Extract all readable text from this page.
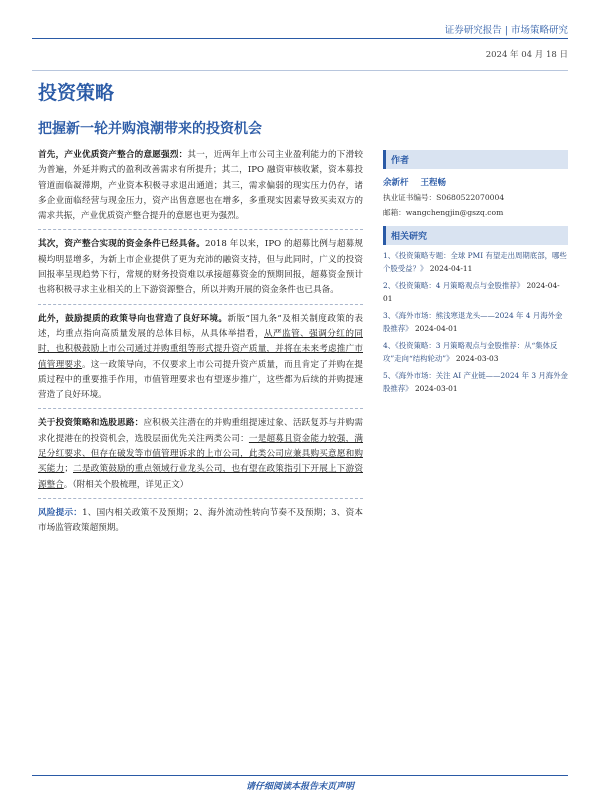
证券研究报告 | 市场策略研究
2024 年 04 月 18 日
投资策略
把握新一轮并购浪潮带来的投资机会

首先，产业优质资产整合的意愿强烈：其一，近两年上市公司主业盈利能力的下滑较为普遍，外延并购式的盈利改善需求有所提升；其二，IPO 融资审核收紧，资本募投管道面临凝滞期，产业资本积极寻求退出通道；其三，需求偏弱的现实压力仍存，诸多企业面临经营与现金压力，资产出售意愿也在增多，多重现实因素导致买卖双方的需求共振，产业优质资产整合提升的意愿也更为强烈。

其次，资产整合实现的资金条件已经具备。2018 年以来，IPO 的超募比例与超募规模均明显增多，为新上市企业提供了更为充沛的融资支持，但与此同时，广义的投资回报率呈现趋势下行，常规的财务投资难以承接超募资金的预期回报，超募资金预计也将积极寻求主业相关的上下游资源整合，所以并购开展的资金条件也已具备。

此外，鼓励提质的政策导向也营造了良好环境。新版“国九条”及相关制度政策的表述，均重点指向高质量发展的总体目标，从具体举措看，从严监管、强调分红的同时，也积极鼓励上市公司通过并购重组等形式提升资产质量，并将在未来考虑推广市值管理要求。这一政策导向，不仅要求上市公司提升资产质量，而且肯定了并购在提质过程中的重要推手作用，市值管理要求也有望逐步推广，这些都为后续的并购提速营造了良好环境。

关于投资策略和选股思路：应积极关注潜在的并购重组提速过象、活跃复苏与并购需求化提港在的投资机会，选股层面优先关注两类公司：一是超募且资金能力较强，满足分红要求、但存在破发等市值管理诉求的上市公司，此类公司应兼具购买意愿和购买能力；二是政策鼓励的重点领域行业龙头公司，也有望在政策指引下开展上下游资源整合。（附相关个股梳理，详见正文）

风险提示：1、国内相关政策不及预期；2、海外流动性转向节奏不及预期；3、资本市场监管政策超预期。

作者
余新杆 王程畅
执业证书编号：S0680522070004
邮箱：wangchengjin@gszq.com
相关研究
1、《投资策略专题：全球 PMI 有望走出周期底部，哪些个股受益？》 2024-04-11
2、《投资策略：4 月策略观点与金股推荐》 2024-04-01
3、《海外市场：熊浅寒退龙头——2024 年 4 月海外金股推荐》 2024-04-01
4、《投资策略：3 月策略观点与金股推荐：从“集体反攻”走向“结构轮动”》 2024-03-03
5、《海外市场：关注 AI 产业链——2024 年 3 月海外金股推荐》 2024-03-01
请仔细阅读本报告末页声明
